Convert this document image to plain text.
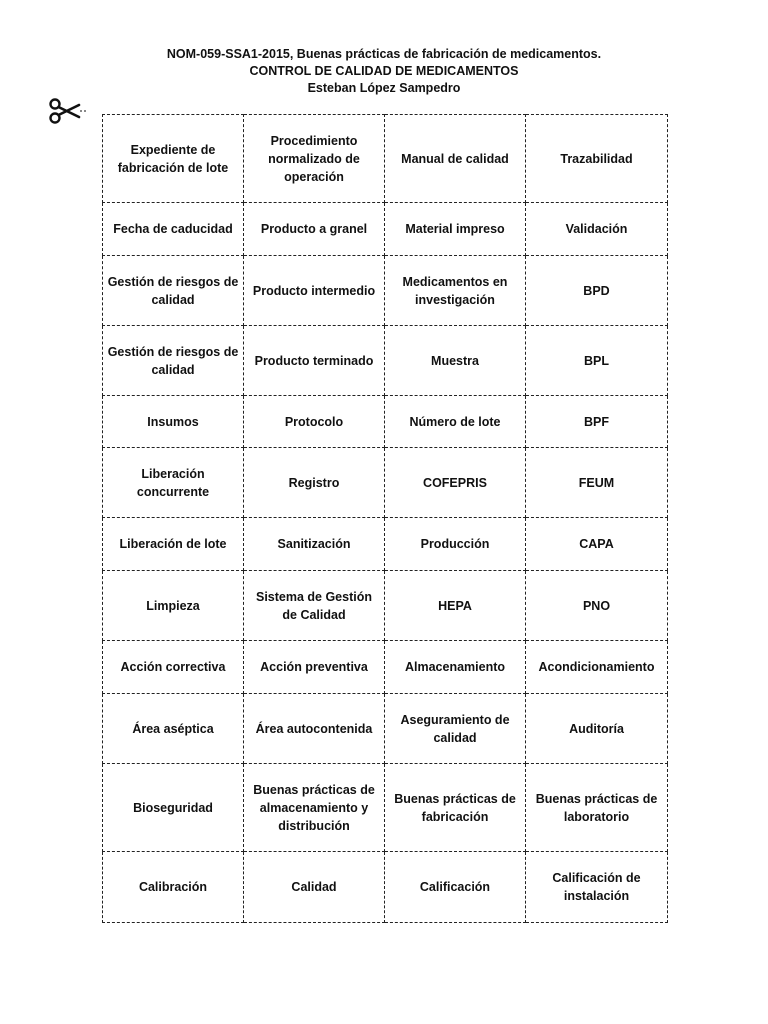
NOM-059-SSA1-2015, Buenas prácticas de fabricación de medicamentos.
CONTROL DE CALIDAD DE MEDICAMENTOS
Esteban López Sampedro
Expediente de fabricación de lote	Procedimiento normalizado de operación	Manual de calidad	Trazabilidad
Fecha de caducidad	Producto a granel	Material impreso	Validación
Gestión de riesgos de calidad	Producto intermedio	Medicamentos en investigación	BPD
Gestión de riesgos de calidad	Producto terminado	Muestra	BPL
Insumos	Protocolo	Número de lote	BPF
Liberación concurrente	Registro	COFEPRIS	FEUM
Liberación de lote	Sanitización	Producción	CAPA
Limpieza	Sistema de Gestión de Calidad	HEPA	PNO
Acción correctiva	Acción preventiva	Almacenamiento	Acondicionamiento
Área aséptica	Área autocontenida	Aseguramiento de calidad	Auditoría
Bioseguridad	Buenas prácticas de almacenamiento y distribución	Buenas prácticas de fabricación	Buenas prácticas de laboratorio
Calibración	Calidad	Calificación	Calificación de instalación
